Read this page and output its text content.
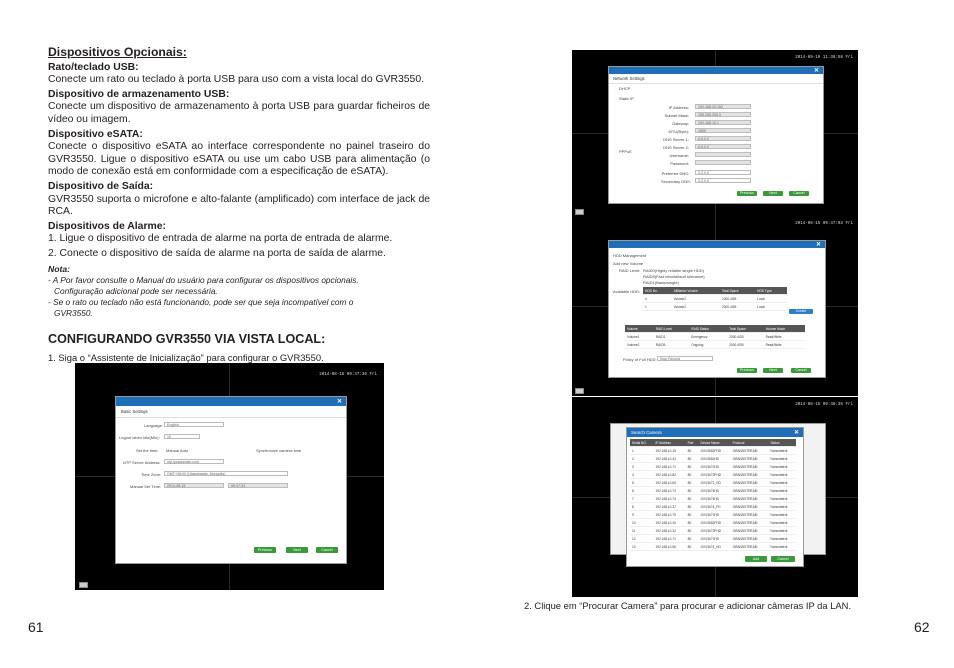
Dispositivos Opcionais:
Rato/teclado USB:
Conecte um rato ou teclado à porta USB para uso com a vista local do GVR3550.
Dispositivo de armazenamento USB:
Conecte um dispositivo de armazenamento à porta USB para guardar ficheiros de vídeo ou imagem.
Dispositivo eSATA:
Conecte o dispositivo eSATA ao interface correspondente no painel traseiro do GVR3550. Ligue o dispositivo eSATA ou use um cabo USB para alimentação (o modo de conexão está em conformidade com a especificação de eSATA).
Dispositivo de Saída:
GVR3550 suporta o microfone e alto-falante (amplificado) com interface de jack de RCA.
Dispositivos de Alarme:
1. Ligue o dispositivo de entrada de alarme na porta de entrada de alarme.
2. Conecte o dispositivo de saída de alarme na porta de saída de alarme.
Nota:
- A Por favor consulte o Manual do usuário para configurar os dispositivos opcionais.
Configuração adicional pode ser necessária.
- Se o rato ou teclado não está funcionando, pode ser que seja incompatível com o
GVR3550.
CONFIGURANDO GVR3550 VIA VISTA LOCAL:
1. Siga o “Assistente de Inicialização” para configurar o GVR3550.
61	62
2. Clique em “Procurar Camera” para procurar e adicionar câmeras IP da LAN.
2014-08-15 09:47:36 Fri
✕
Basic Settings
Language:	English
Logout when Idle(Min):	10
Set the time: Manual Auto	Synchronize camera time
NTP Server Address:	ntp.ipcsdomain.com
Time Zone:	GMT+08:00 (Ulaanbaatar, Mongolia)
Manual Set Time:	2014-08-15	09:47:33
Previous	Next	Cancel
2014-09-19 11:38:58 Fri
✕
Network Settings
DHCP
Static IP
PPPoE
IP Address:	192.168.10.152
Subnet Mask:	255.255.255.0
Gateway:	192.168.10.1
MTU(Byte):	1500
DNS Server 1:	0.0.0.0
DNS Server 2:	0.0.0.0
Username:
Password:
Preferred DNS:	0.0.0.0
Secondary DNS:	0.0.0.0
Previous	Next	Cancel
2014-08-15 09:47:03 Fri
✕
HDD Management
Add new Volume
RAID Level: RAID0(Highly reliable single HDD)
RAID5(Fast rebuild/fault tolerance)
RAID1(Basic/single)
Available HDD: HDD No.	Affiliation Volume	Total Space	HDD Type
4	Volume2	1000.4GB	Local
1	Volume2	2000.4GB	Local
Create
Volume	RAID Level	RAID Status	Total Space	Volume Mode
Volume1	RAID1	Emergency	2000.4GB	Read/Write
Volume2	RAID5	Ongoing	2000.4GB	Read/Write
Policy of Full HDD: Stop Record
Previous	Next	Cancel
2014-08-15 09:48:35 Fri
Search Camera	✕
Serial NO	IP Address	Port	Device Name	Protocol	Status
1	192.168.10.15	80	GXV3662FHD	GRANDSTREAM	Nonexistent
2	192.168.10.43	80	GXV3662HD	GRANDSTREAM	Nonexistent
3	192.168.10.71	80	GXV3672HD	GRANDSTREAM	Nonexistent
4	192.168.10.82	80	GXV3672FHD	GRANDSTREAM	Nonexistent
5	192.168.10.65	80	GXV3672_HD	GRANDSTREAM	Nonexistent
6	192.168.10.73	80	GXV3674HD	GRANDSTREAM	Nonexistent
7	192.168.10.74	80	GXV3674HD	GRANDSTREAM	Nonexistent
8	192.168.10.37	80	GXV3674_FH	GRANDSTREAM	Nonexistent
9	192.168.10.79	80	GXV3671HD	GRANDSTREAM	Nonexistent
10	192.168.10.30	80	GXV3662FHD	GRANDSTREAM	Nonexistent
11	192.168.10.32	80	GXV3672FHD	GRANDSTREAM	Nonexistent
12	192.168.10.71	80	GXV3671HD	GRANDSTREAM	Nonexistent
13	192.168.10.56	80	GXV3674_HD	GRANDSTREAM	Nonexistent
Add	Cancel
